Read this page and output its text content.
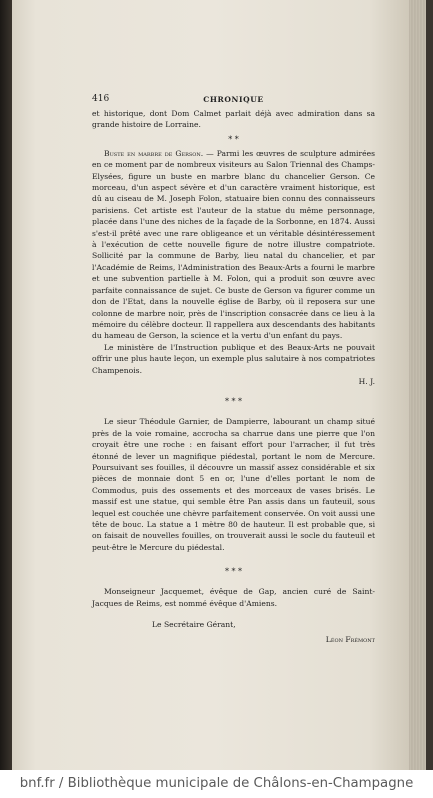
416	CHRONIQUE

et historique, dont Dom Calmet parlait déjà avec admiration dans sa grande histoire de Lorraine.

* *

Buste en marbre de Gerson. — Parmi les œuvres de sculpture admirées en ce moment par de nombreux visiteurs au Salon Triennal des Champs-Elysées, figure un buste en marbre blanc du chancelier Gerson. Ce morceau, d'un aspect sévère et d'un caractère vraiment historique, est dû au ciseau de M. Joseph Folon, statuaire bien connu des connaisseurs parisiens. Cet artiste est l'auteur de la statue du même personnage, placée dans l'une des niches de la façade de la Sorbonne, en 1874. Aussi s'est-il prêté avec une rare obligeance et un véritable désintéressement à l'exécution de cette nouvelle figure de notre illustre compatriote. Sollicité par la commune de Barby, lieu natal du chancelier, et par l'Académie de Reims, l'Administration des Beaux-Arts a fourni le marbre et une subvention partielle à M. Folon, qui a produit son œuvre avec parfaite connaissance de sujet. Ce buste de Gerson va figurer comme un don de l'Etat, dans la nouvelle église de Barby, où il reposera sur une colonne de marbre noir, près de l'inscription consacrée dans ce lieu à la mémoire du célèbre docteur. Il rappellera aux descendants des habitants du hameau de Gerson, la science et la vertu d'un enfant du pays.

Le ministère de l'Instruction publique et des Beaux-Arts ne pouvait offrir une plus haute leçon, un exemple plus salutaire à nos compatriotes Champenois.

H. J.
* * *

Le sieur Théodule Garnier, de Dampierre, labourant un champ situé près de la voie romaine, accrocha sa charrue dans une pierre que l'on croyait être une roche : en faisant effort pour l'arracher, il fut très étonné de lever un magnifique piédestal, portant le nom de Mercure. Poursuivant ses fouilles, il découvre un massif assez considérable et six pièces de monnaie dont 5 en or, l'une d'elles portant le nom de Commodus, puis des ossements et des morceaux de vases brisés. Le massif est une statue, qui semble être Pan assis dans un fauteuil, sous lequel est couchée une chèvre parfaitement conservée. On voit aussi une tête de bouc. La statue a 1 mètre 80 de hauteur. Il est probable que, si on faisait de nouvelles fouilles, on trouverait aussi le socle du fauteuil et peut-être le Mercure du piédestal.

* * *

Monseigneur Jacquemet, évêque de Gap, ancien curé de Saint-Jacques de Reims, est nommé évêque d'Amiens.

Le Secrétaire Gérant,
Léon Frémont
bnf.fr / Bibliothèque municipale de Châlons-en-Champagne
